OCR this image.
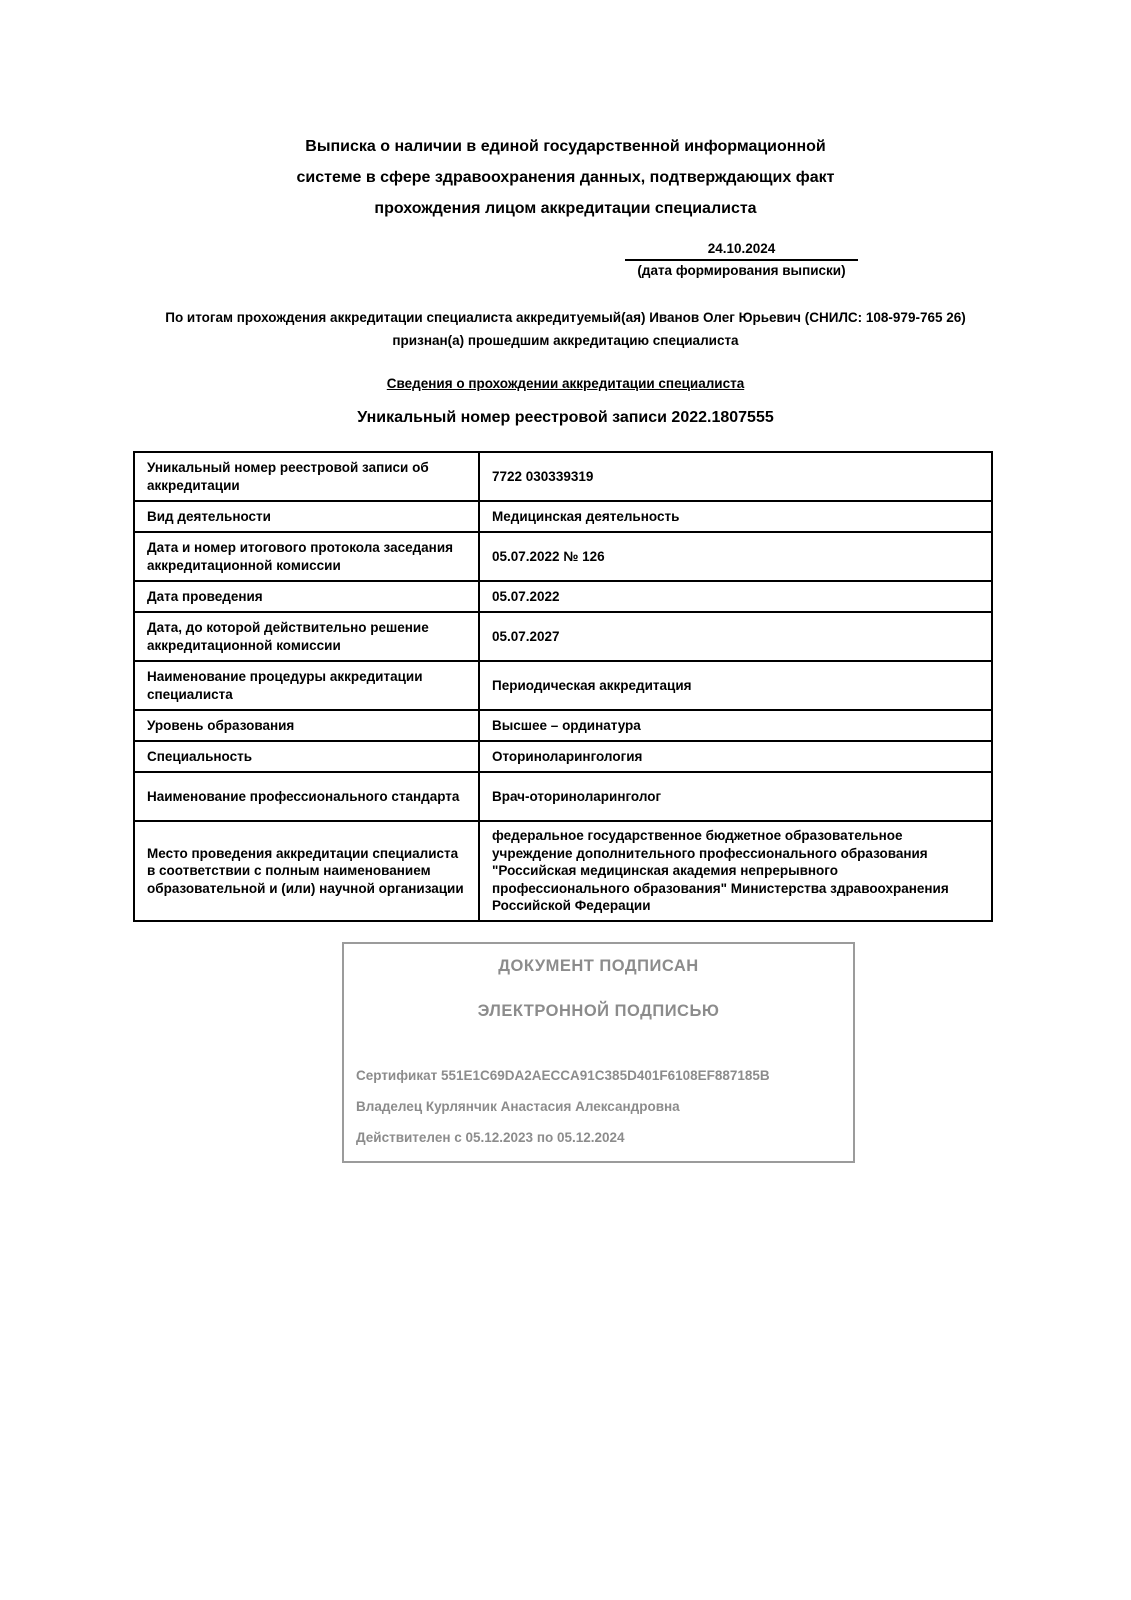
Выписка о наличии в единой государственной информационной
системе в сфере здравоохранения данных, подтверждающих факт
прохождения лицом аккредитации специалиста
24.10.2024
(дата формирования выписки)
По итогам прохождения аккредитации специалиста аккредитуемый(ая) Иванов Олег Юрьевич (СНИЛС: 108-979-765 26)
признан(а) прошедшим аккредитацию специалиста
Сведения о прохождении аккредитации специалиста
Уникальный номер реестровой записи 2022.1807555
Уникальный номер реестровой записи об аккредитации	7722 030339319
Вид деятельности	Медицинская деятельность
Дата и номер итогового протокола заседания аккредитационной комиссии	05.07.2022 № 126
Дата проведения	05.07.2022
Дата, до которой действительно решение аккредитационной комиссии	05.07.2027
Наименование процедуры аккредитации специалиста	Периодическая аккредитация
Уровень образования	Высшее – ординатура
Специальность	Оториноларингология
Наименование профессионального стандарта	Врач-оториноларинголог
Место проведения аккредитации специалиста в соответствии с полным наименованием образовательной и (или) научной организации	федеральное государственное бюджетное образовательное учреждение дополнительного профессионального образования "Российская медицинская академия непрерывного профессионального образования" Министерства здравоохранения Российской Федерации
ДОКУМЕНТ ПОДПИСАН
ЭЛЕКТРОННОЙ ПОДПИСЬЮ
Сертификат 551E1C69DA2AECCA91C385D401F6108EF887185B
Владелец Курлянчик Анастасия Александровна
Действителен с 05.12.2023 по 05.12.2024
